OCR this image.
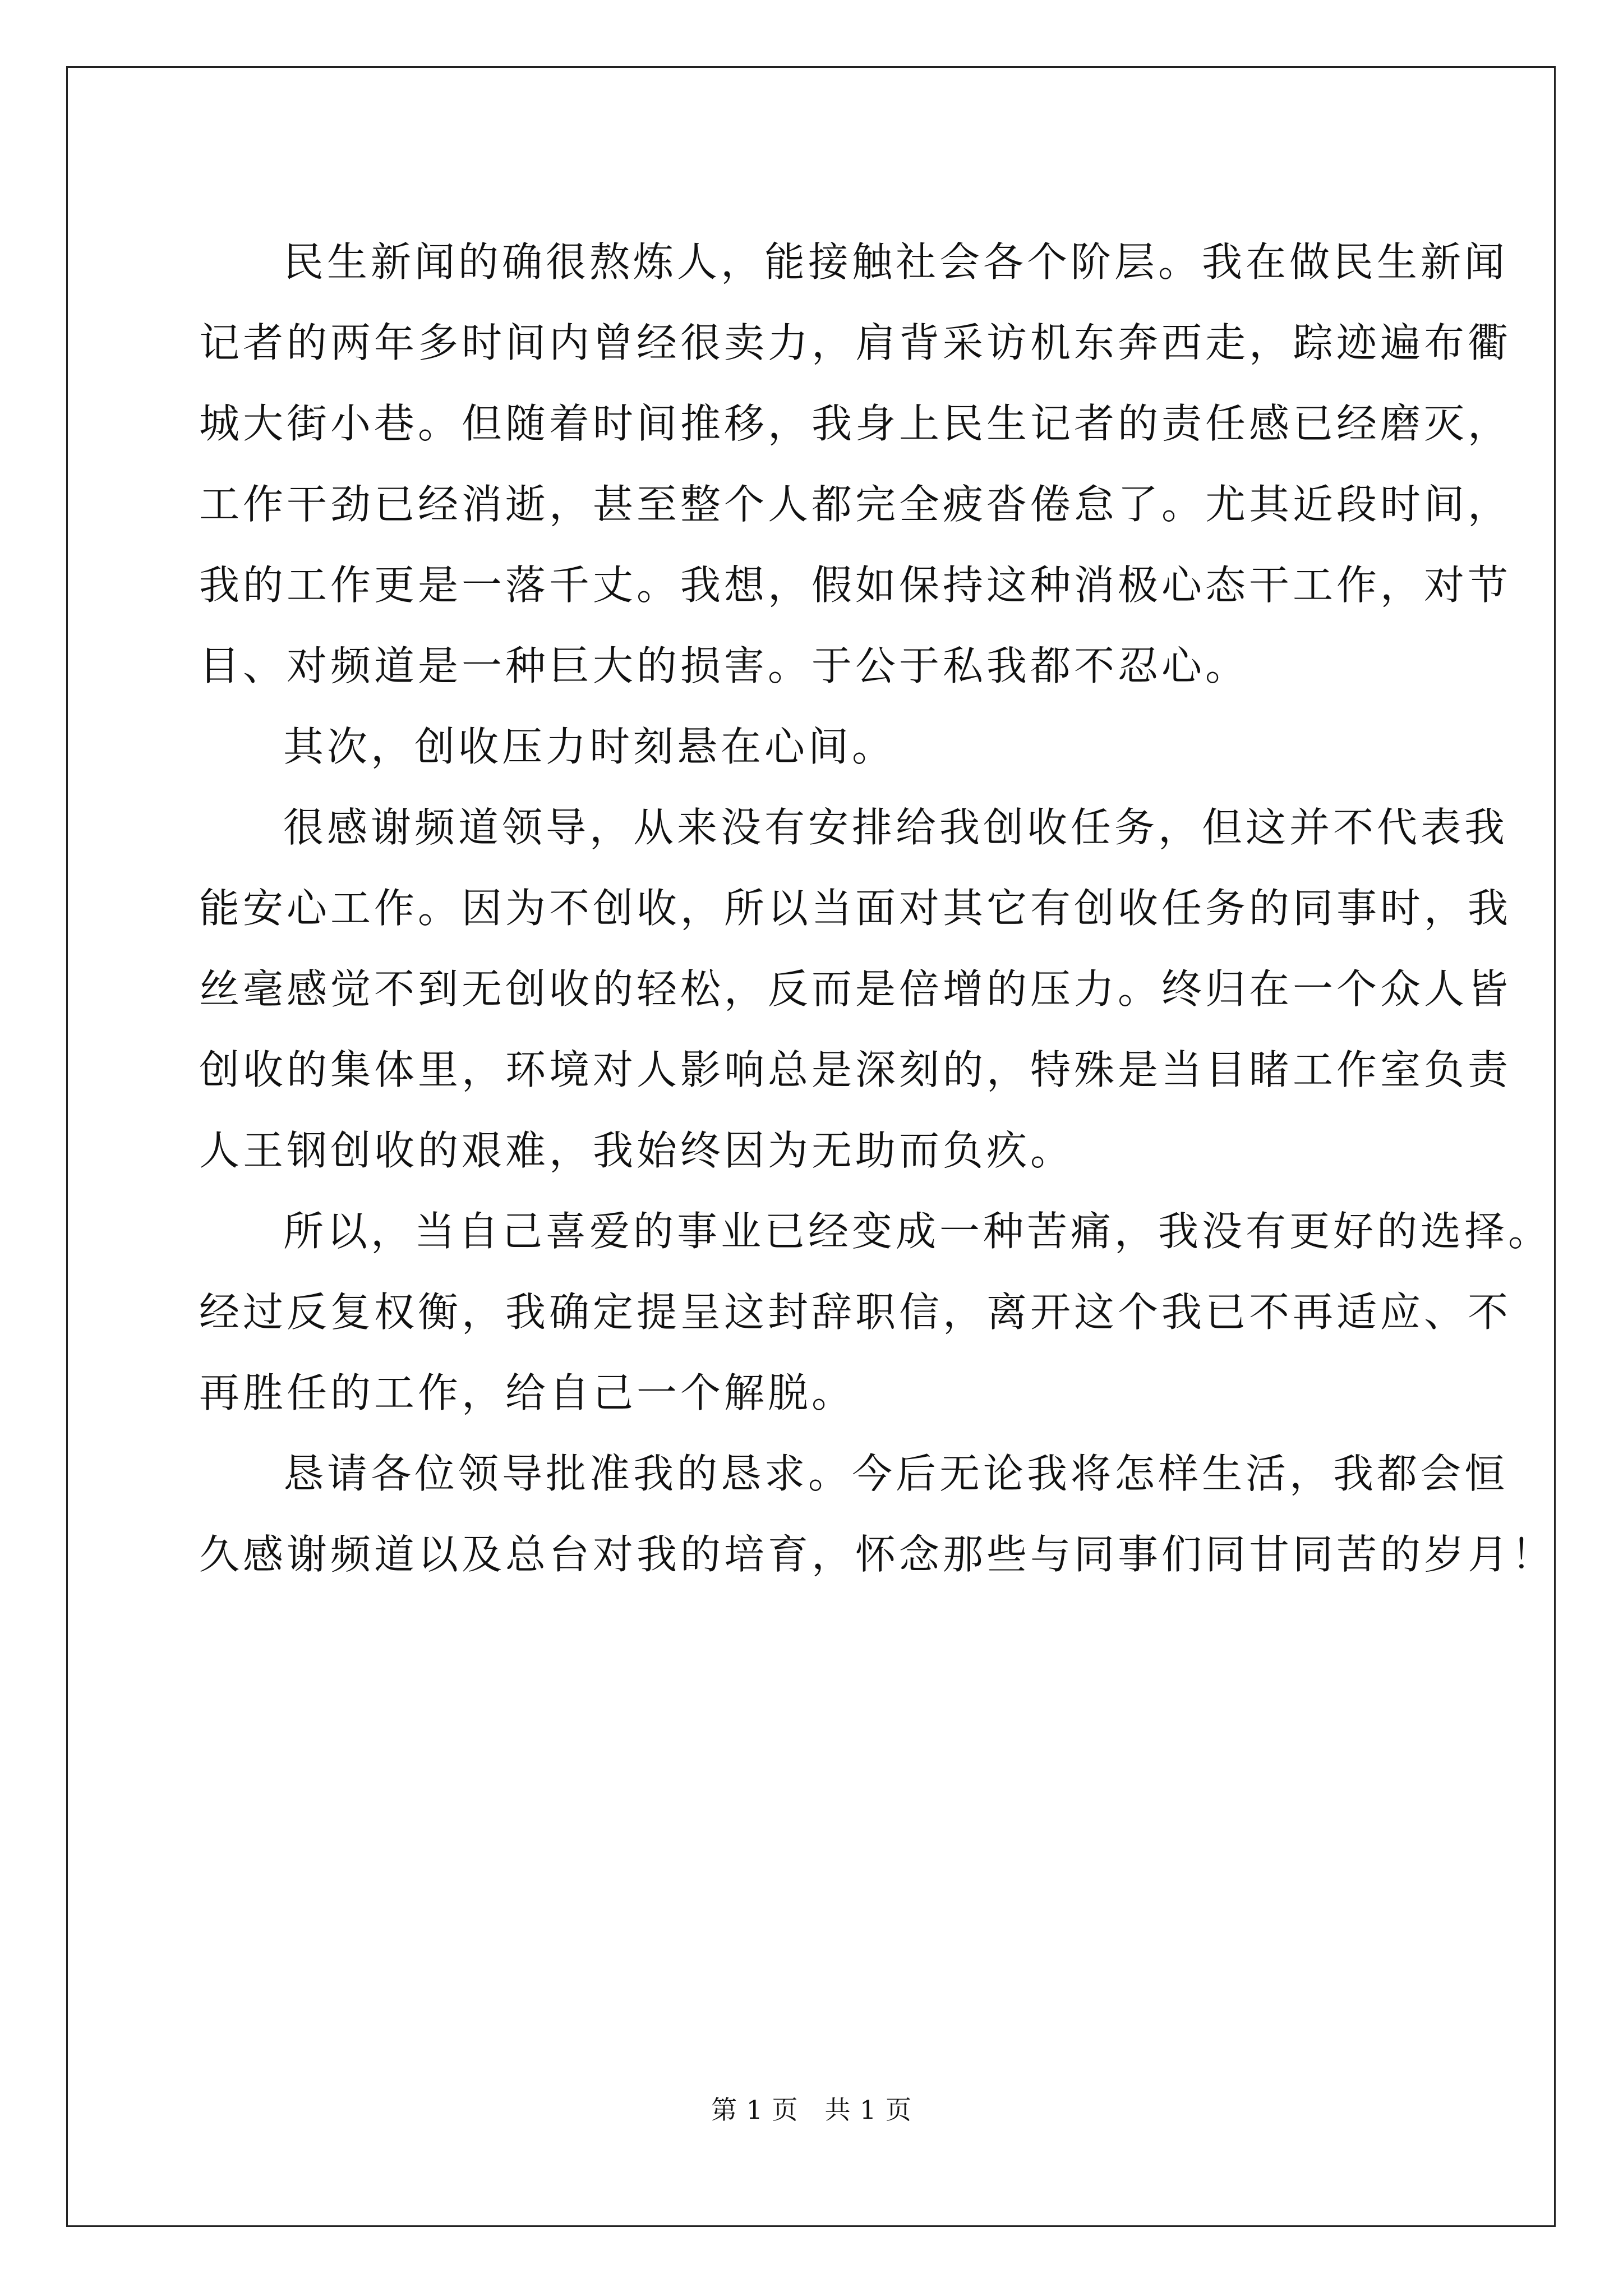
民生新闻的确很熬炼人，能接触社会各个阶层。我在做民生新闻
记者的两年多时间内曾经很卖力，肩背采访机东奔西走，踪迹遍布衢
城大街小巷。但随着时间推移，我身上民生记者的责任感已经磨灭，
工作干劲已经消逝，甚至整个人都完全疲沓倦怠了。尤其近段时间，
我的工作更是一落千丈。我想，假如保持这种消极心态干工作，对节
目、对频道是一种巨大的损害。于公于私我都不忍心。

其次，创收压力时刻悬在心间。

很感谢频道领导，从来没有安排给我创收任务，但这并不代表我
能安心工作。因为不创收，所以当面对其它有创收任务的同事时，我
丝毫感觉不到无创收的轻松，反而是倍增的压力。终归在一个众人皆
创收的集体里，环境对人影响总是深刻的，特殊是当目睹工作室负责
人王钢创收的艰难，我始终因为无助而负疚。

所以，当自己喜爱的事业已经变成一种苦痛，我没有更好的选择。
经过反复权衡，我确定提呈这封辞职信，离开这个我已不再适应、不
再胜任的工作，给自己一个解脱。

恳请各位领导批准我的恳求。今后无论我将怎样生活，我都会恒
久感谢频道以及总台对我的培育，怀念那些与同事们同甘同苦的岁月！

第 1 页 共 1 页
